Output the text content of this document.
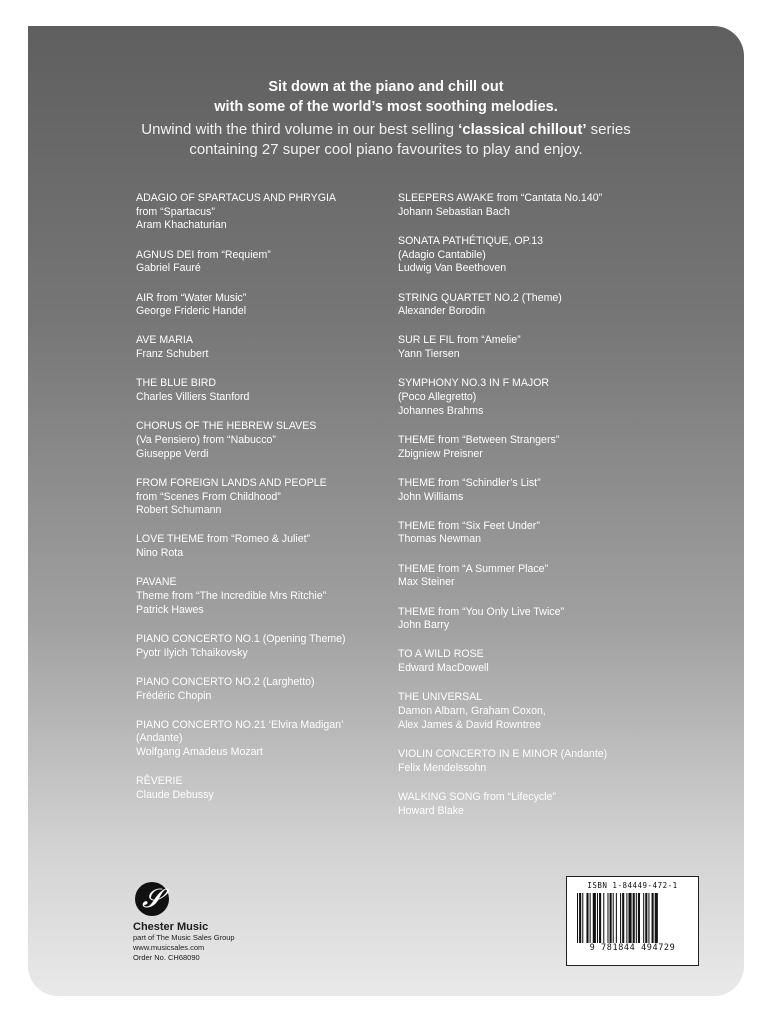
Sit down at the piano and chill out
with some of the world’s most soothing melodies.
Unwind with the third volume in our best selling ‘classical chillout’ series
containing 27 super cool piano favourites to play and enjoy.
ADAGIO OF SPARTACUS AND PHRYGIA
from “Spartacus”
Aram Khachaturian
AGNUS DEI from “Requiem”
Gabriel Fauré
AIR from “Water Music”
George Frideric Handel
AVE MARIA
Franz Schubert
THE BLUE BIRD
Charles Villiers Stanford
CHORUS OF THE HEBREW SLAVES
(Va Pensiero) from “Nabucco”
Giuseppe Verdi
FROM FOREIGN LANDS AND PEOPLE
from “Scenes From Childhood”
Robert Schumann
LOVE THEME from “Romeo & Juliet”
Nino Rota
PAVANE
Theme from “The Incredible Mrs Ritchie”
Patrick Hawes
PIANO CONCERTO NO.1 (Opening Theme)
Pyotr Ilyich Tchaikovsky
PIANO CONCERTO NO.2 (Larghetto)
Frédéric Chopin
PIANO CONCERTO NO.21 ‘Elvira Madigan’
(Andante)
Wolfgang Amadeus Mozart
RÊVERIE
Claude Debussy
SLEEPERS AWAKE from “Cantata No.140”
Johann Sebastian Bach
SONATA PATHÉTIQUE, OP.13
(Adagio Cantabile)
Ludwig Van Beethoven
STRING QUARTET NO.2 (Theme)
Alexander Borodin
SUR LE FIL from “Amelie”
Yann Tiersen
SYMPHONY NO.3 IN F MAJOR
(Poco Allegretto)
Johannes Brahms
THEME from “Between Strangers”
Zbigniew Preisner
THEME from “Schindler’s List”
John Williams
THEME from “Six Feet Under”
Thomas Newman
THEME from “A Summer Place”
Max Steiner
THEME from “You Only Live Twice”
John Barry
TO A WILD ROSE
Edward MacDowell
THE UNIVERSAL
Damon Albarn, Graham Coxon,
Alex James & David Rowntree
VIOLIN CONCERTO IN E MINOR (Andante)
Felix Mendelssohn
WALKING SONG from “Lifecycle”
Howard Blake
𝓢
Chester Music
part of The Music Sales Group
www.musicsales.com
Order No. CH68090
ISBN 1-84449-472-1
9 781844 494729
